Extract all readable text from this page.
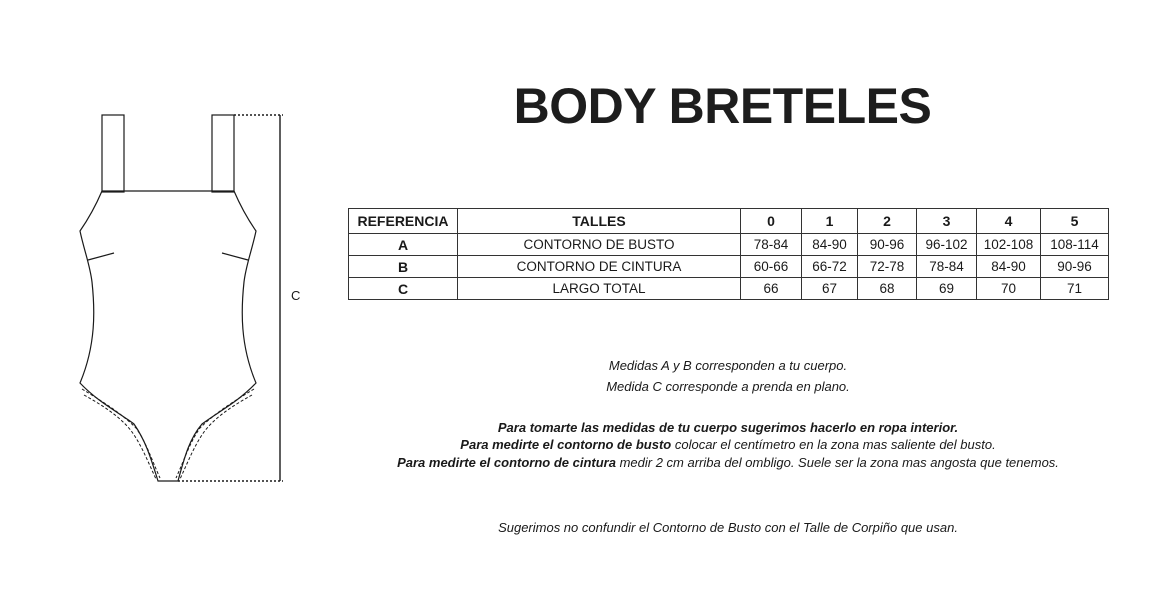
C
BODY BRETELES
REFERENCIA	TALLES	0	1	2	3	4	5
A	CONTORNO DE BUSTO	78-84	84-90	90-96	96-102	102-108	108-114
B	CONTORNO DE CINTURA	60-66	66-72	72-78	78-84	84-90	90-96
C	LARGO TOTAL	66	67	68	69	70	71

Medidas A y B corresponden a tu cuerpo.

Medida C corresponde a prenda en plano.

Para tomarte las medidas de tu cuerpo sugerimos hacerlo en ropa interior.

Para medirte el contorno de busto colocar el centímetro en la zona mas saliente del busto.

Para medirte el contorno de cintura medir 2 cm arriba del ombligo. Suele ser la zona mas angosta que tenemos.

Sugerimos no confundir el Contorno de Busto con el Talle de Corpiño que usan.
